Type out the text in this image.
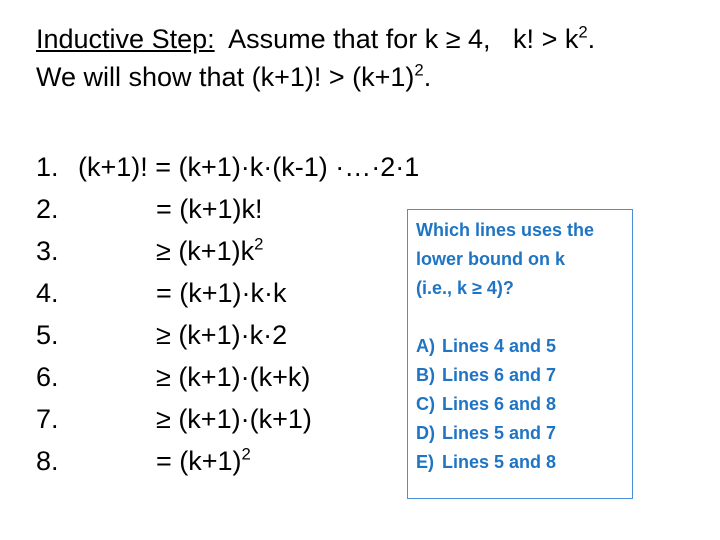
Inductive Step:  Assume that for k ≥ 4,   k! > $k^2$.
We will show that (k+1)! > $(k+1)^2$.
1. (k+1)! = (k+1)·k·(k-1) ·…·2·1
2.	= (k+1)k!
3.	≥ $(k+1)k^2$
4.	= (k+1)·k·k
5.	≥ (k+1)·k·2
6.	≥ (k+1)·(k+k)
7.	≥ (k+1)·(k+1)
8.	= $(k+1)^2$
Which lines uses the
lower bound on k
(i.e., k ≥ 4)?
A) Lines 4 and 5
B) Lines 6 and 7
C) Lines 6 and 8
D) Lines 5 and 7
E) Lines 5 and 8
